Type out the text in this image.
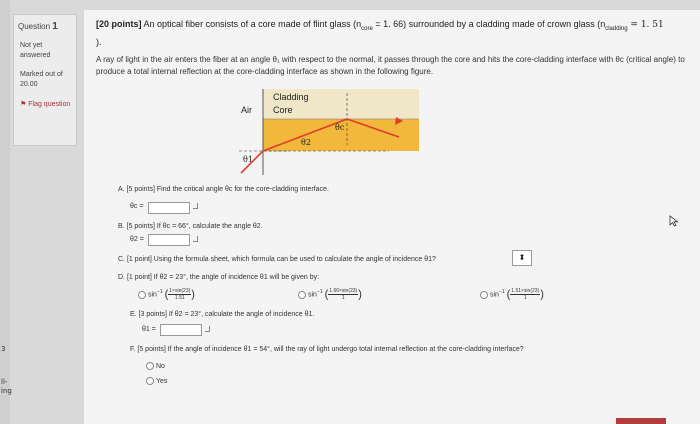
3
ll-
ing
Question 1
Not yet answered
Marked out of 20.00
⚑ Flag question
[20 points] An optical fiber consists of a core made of flint glass ($n_{core} = 1$. 66) surrounded by a cladding made of crown glass ($n_{cladding} = 1$. 51
).
A ray of light in the air enters the fiber at an angle θ₁ with respect to the normal, it passes through the core and hits the core-cladding interface with θc (critical angle) to produce a total internal reflection at the core-cladding interface as shown in the following figure.
Cladding
Air Core
θc
θ2
θ1
A. [5 points] Find the critical angle θc for the core-cladding interface.
θc =
B. [5 points] If θc = 66°, calculate the angle θ2.
θ2 =
C. [1 point] Using the formula sheet, which formula can be used to calculate the angle of incidence θ1?	⬍
D. [1 point] If θ2 = 23°, the angle of incidence θ1 will be given by:
$\sin^{-1}$ ( $\frac{1\times\sin(23)}{1.51}$ )	$\sin^{-1}$ ( $\frac{1.66\times\sin(23)}{1}$ )	$\sin^{-1}$ ( $\frac{1.51\times\sin(23)}{1}$ )
E. [3 points] If θ2 = 23°, calculate the angle of incidence θ1.
θ1 =
F. [5 points] If the angle of incidence θ1 = 54°, will the ray of light undergo total internal reflection at the core-cladding interface?
No
Yes
